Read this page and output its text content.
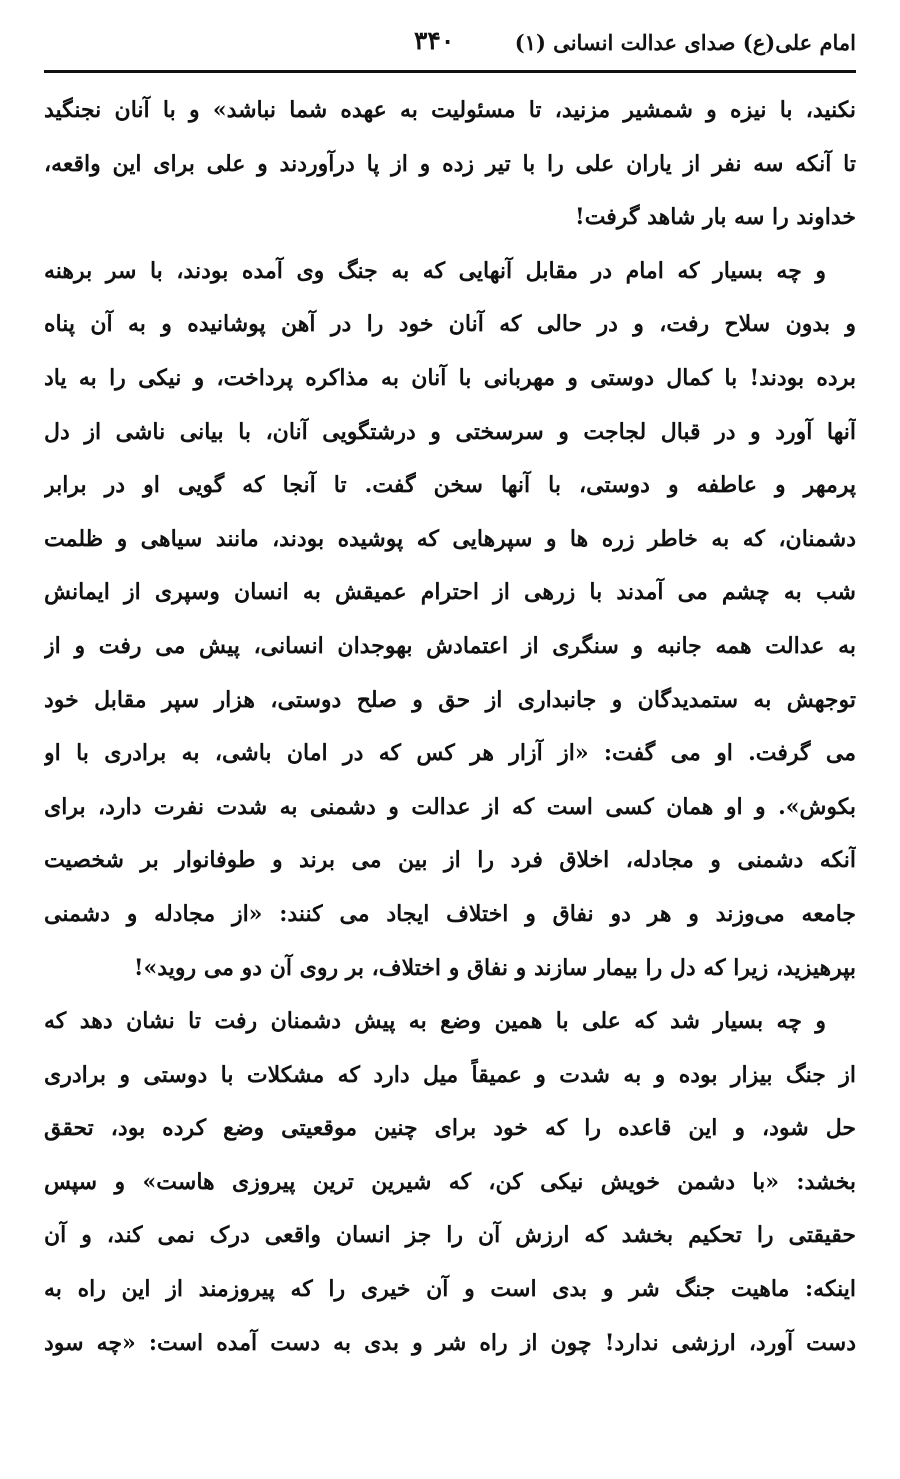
امام علی(ع) صدای عدالت انسانی (۱)
۳۴۰
نکنید، با نیزه و شمشیر مزنید، تا مسئولیت به عهده شما نباشد» و با آنان نجنگید
تا آنکه سه نفر از یاران علی را با تیر زده و از پا درآوردند و علی برای این واقعه،
خداوند را سه بار شاهد گرفت!
و چه بسیار که امام در مقابل آنهایی که به جنگ وی آمده بودند، با سر برهنه
و بدون سلاح رفت، و در حالی که آنان خود را در آهن پوشانیده و به آن پناه
برده بودند! با کمال دوستی و مهربانی با آنان به مذاکره پرداخت، و نیکی را به یاد
آنها آورد و در قبال لجاجت و سرسختی و درشتگویی آنان، با بیانی ناشی از دل
پرمهر و عاطفه و دوستی، با آنها سخن گفت. تا آنجا که گویی او در برابر
دشمنان، که به خاطر زره ها و سپرهایی که پوشیده بودند، مانند سیاهی و ظلمت
شب به چشم می آمدند با زرهی از احترام عمیقش به انسان وسپری از ایمانش
به عدالت همه جانبه و سنگری از اعتمادش بهوجدان انسانی، پیش می رفت و از
توجهش به ستمدیدگان و جانبداری از حق و صلح دوستی، هزار سپر مقابل خود
می گرفت. او می گفت: «از آزار هر کس که در امان باشی، به برادری با او
بکوش». و او همان کسی است که از عدالت و دشمنی به شدت نفرت دارد، برای
آنکه دشمنی و مجادله، اخلاق فرد را از بین می برند و طوفانوار بر شخصیت
جامعه می‌وزند و هر دو نفاق و اختلاف ایجاد می کنند: «از مجادله و دشمنی
بپرهیزید، زیرا که دل را بیمار سازند و نفاق و اختلاف، بر روی آن دو می روید»!
و چه بسیار شد که علی با همین وضع به پیش دشمنان رفت تا نشان دهد که
از جنگ بیزار بوده و به شدت و عمیقاً میل دارد که مشکلات با دوستی و برادری
حل شود، و این قاعده را که خود برای چنین موقعیتی وضع کرده بود، تحقق
بخشد: «با دشمن خویش نیکی کن، که شیرین ترین پیروزی هاست» و سپس
حقیقتی را تحکیم بخشد که ارزش آن را جز انسان واقعی درک نمی کند، و آن
اینکه: ماهیت جنگ شر و بدی است و آن خیری را که پیروزمند از این راه به
دست آورد، ارزشی ندارد! چون از راه شر و بدی به دست آمده است: «چه سود
